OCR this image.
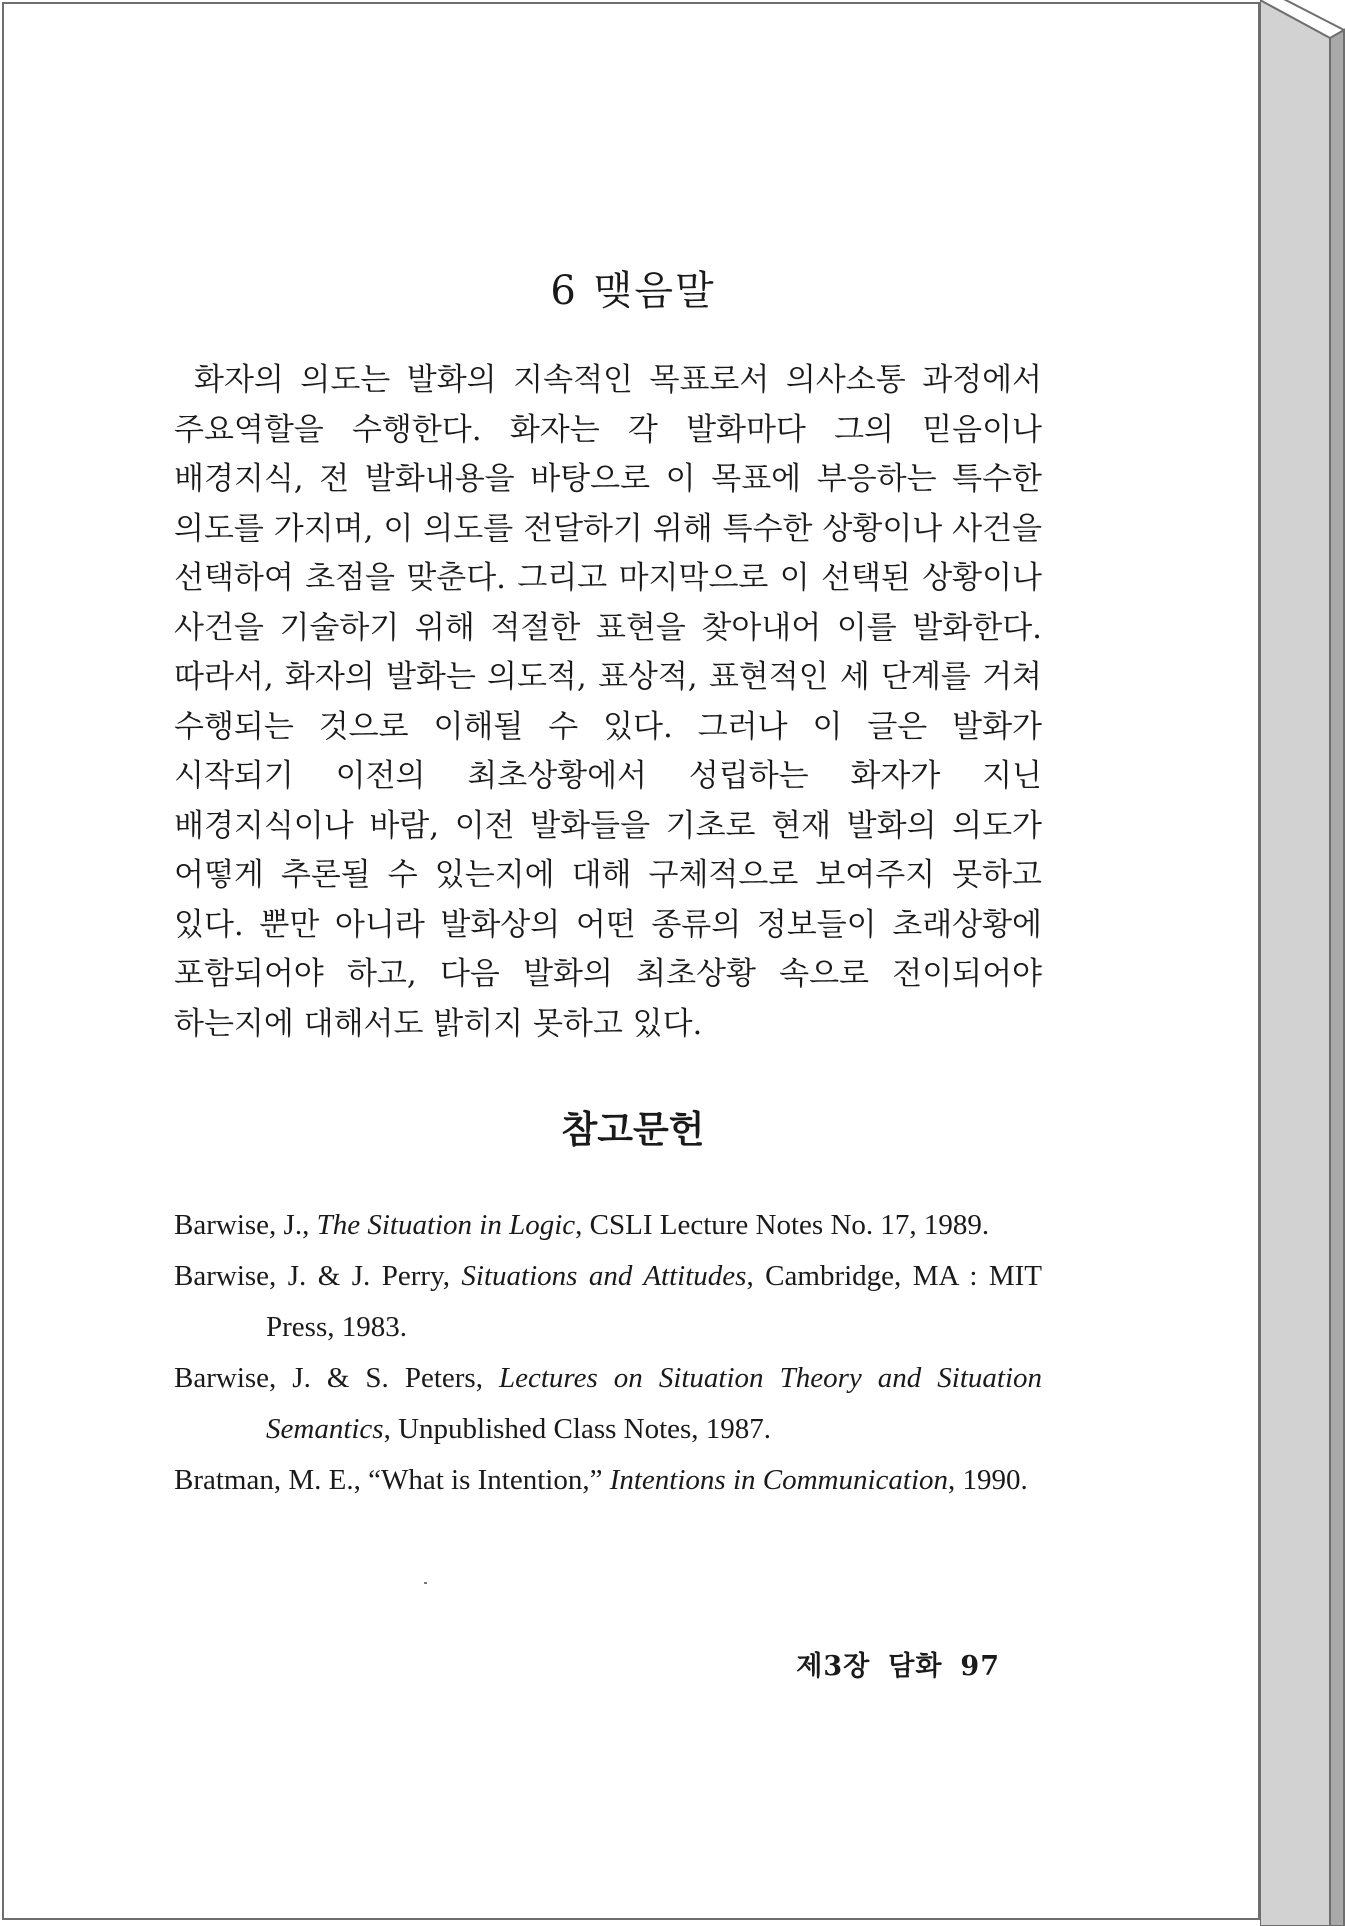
6 맺음말

화자의 의도는 발화의 지속적인 목표로서 의사소통 과정에서 주요역할을 수행한다. 화자는 각 발화마다 그의 믿음이나 배경지식, 전 발화내용을 바탕으로 이 목표에 부응하는 특수한 의도를 가지며, 이 의도를 전달하기 위해 특수한 상황이나 사건을 선택하여 초점을 맞춘다. 그리고 마지막으로 이 선택된 상황이나 사건을 기술하기 위해 적절한 표현을 찾아내어 이를 발화한다. 따라서, 화자의 발화는 의도적, 표상적, 표현적인 세 단계를 거쳐 수행되는 것으로 이해될 수 있다. 그러나 이 글은 발화가 시작되기 이전의 최초상황에서 성립하는 화자가 지닌 배경지식이나 바람, 이전 발화들을 기초로 현재 발화의 의도가 어떻게 추론될 수 있는지에 대해 구체적으로 보여주지 못하고 있다. 뿐만 아니라 발화상의 어떤 종류의 정보들이 초래상황에 포함되어야 하고, 다음 발화의 최초상황 속으로 전이되어야 하는지에 대해서도 밝히지 못하고 있다.

참고문헌

Barwise, J., The Situation in Logic, CSLI Lecture Notes No. 17, 1989.

Barwise, J. & J. Perry, Situations and Attitudes, Cambridge, MA : MIT Press, 1983.

Barwise, J. & S. Peters, Lectures on Situation Theory and Situation Semantics, Unpublished Class Notes, 1987.

Bratman, M. E., “What is Intention,” Intentions in Communication, 1990.

제3장 담화 97
